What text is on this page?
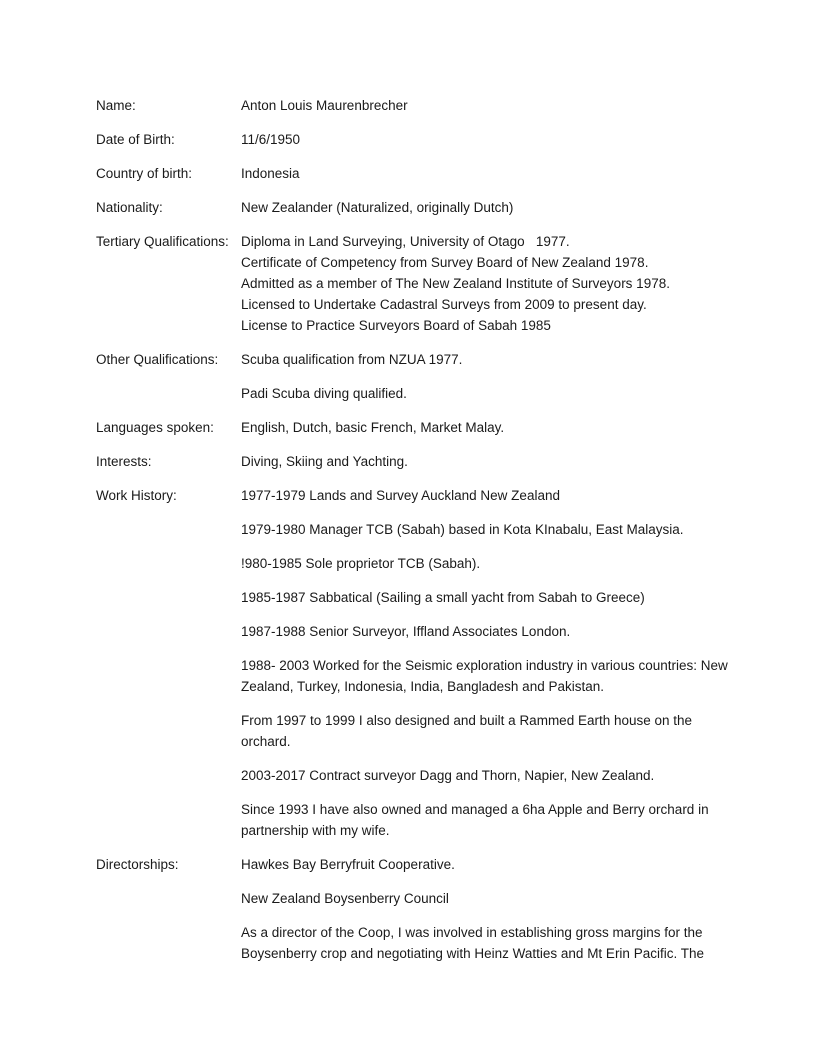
Name:	Anton Louis Maurenbrecher
Date of Birth:	11/6/1950
Country of birth:	Indonesia
Nationality:	New Zealander (Naturalized, originally Dutch)
Tertiary Qualifications: Diploma in Land Surveying, University of Otago   1977.
Certificate of Competency from Survey Board of New Zealand 1978.
Admitted as a member of The New Zealand Institute of Surveyors 1978.
Licensed to Undertake Cadastral Surveys from 2009 to present day.
License to Practice Surveyors Board of Sabah 1985
Other Qualifications:	Scuba qualification from NZUA 1977.
Padi Scuba diving qualified.
Languages spoken:	English, Dutch, basic French, Market Malay.
Interests:	Diving, Skiing and Yachting.
Work History:	1977-1979 Lands and Survey Auckland New Zealand
1979-1980 Manager TCB (Sabah) based in Kota KInabalu, East Malaysia.
!980-1985 Sole proprietor TCB (Sabah).
1985-1987 Sabbatical (Sailing a small yacht from Sabah to Greece)
1987-1988 Senior Surveyor, Iffland Associates London.
1988- 2003 Worked for the Seismic exploration industry in various countries: New Zealand, Turkey, Indonesia, India, Bangladesh and Pakistan.
From 1997 to 1999 I also designed and built a Rammed Earth house on the orchard.
2003-2017 Contract surveyor Dagg and Thorn, Napier, New Zealand.
Since 1993 I have also owned and managed a 6ha Apple and Berry orchard in partnership with my wife.
Directorships:	Hawkes Bay Berryfruit Cooperative.
New Zealand Boysenberry Council
As a director of the Coop, I was involved in establishing gross margins for the Boysenberry crop and negotiating with Heinz Watties and Mt Erin Pacific. The
